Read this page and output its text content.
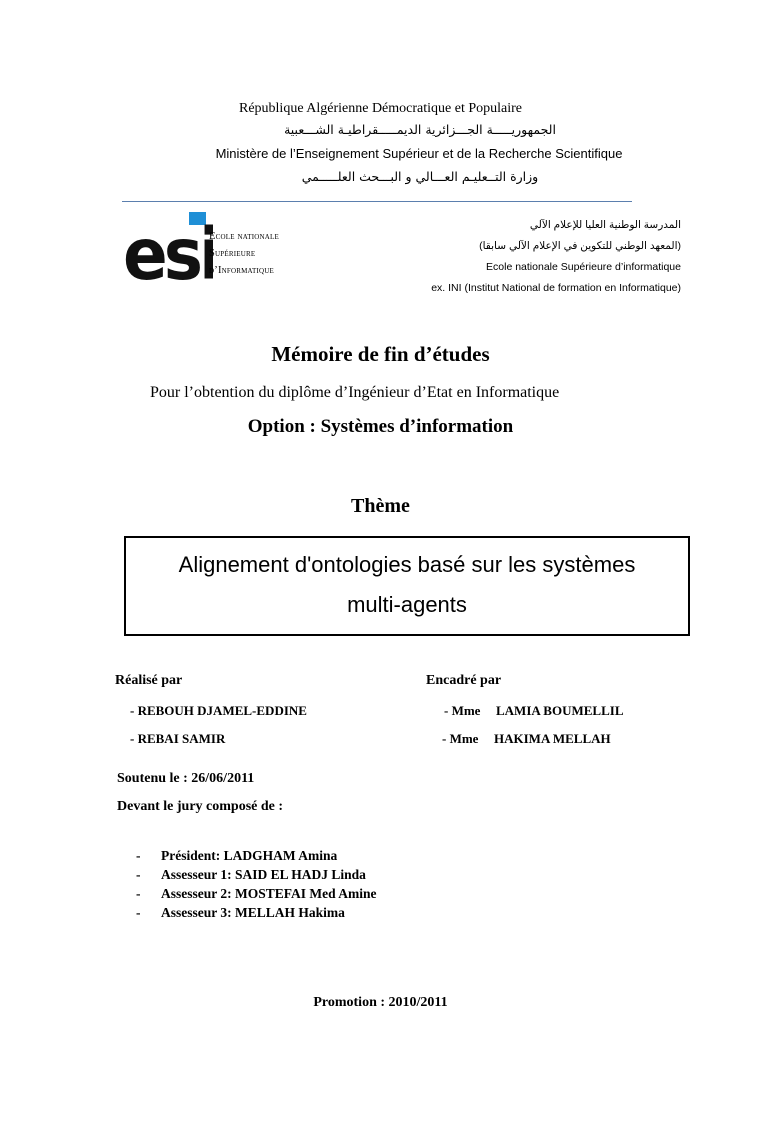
République Algérienne Démocratique et Populaire
الجمهوريـــــة الجـــزائرية الديمـــــقراطيـة الشـــعبية
Ministère de l’Enseignement Supérieur et de la Recherche Scientifique
وزارة التــعليـم العـــالي و البـــحث العلـــــمي
esi
Ecole nationale
Supérieure
d’Informatique
المدرسة الوطنية العليا للإعلام الآلي
(المعهد الوطني للتكوين في الإعلام الآلي سابقا)
Ecole nationale Supérieure d’informatique
ex. INI (Institut National de formation en Informatique)
Mémoire de fin d’études
Pour l’obtention du diplôme d’Ingénieur d’Etat en Informatique
Option : Systèmes d’information
Thème
Alignement d'ontologies basé sur les systèmes
multi-agents
Réalisé par	Encadré par
- REBOUH DJAMEL-EDDINE
- REBAI SAMIR
- Mme LAMIA BOUMELLIL
- Mme HAKIMA MELLAH
Soutenu le : 26/06/2011
Devant le jury composé de :
- Président: LADGHAM Amina
- Assesseur 1: SAID EL HADJ Linda
- Assesseur 2: MOSTEFAI Med Amine
- Assesseur 3: MELLAH Hakima
Promotion : 2010/2011
